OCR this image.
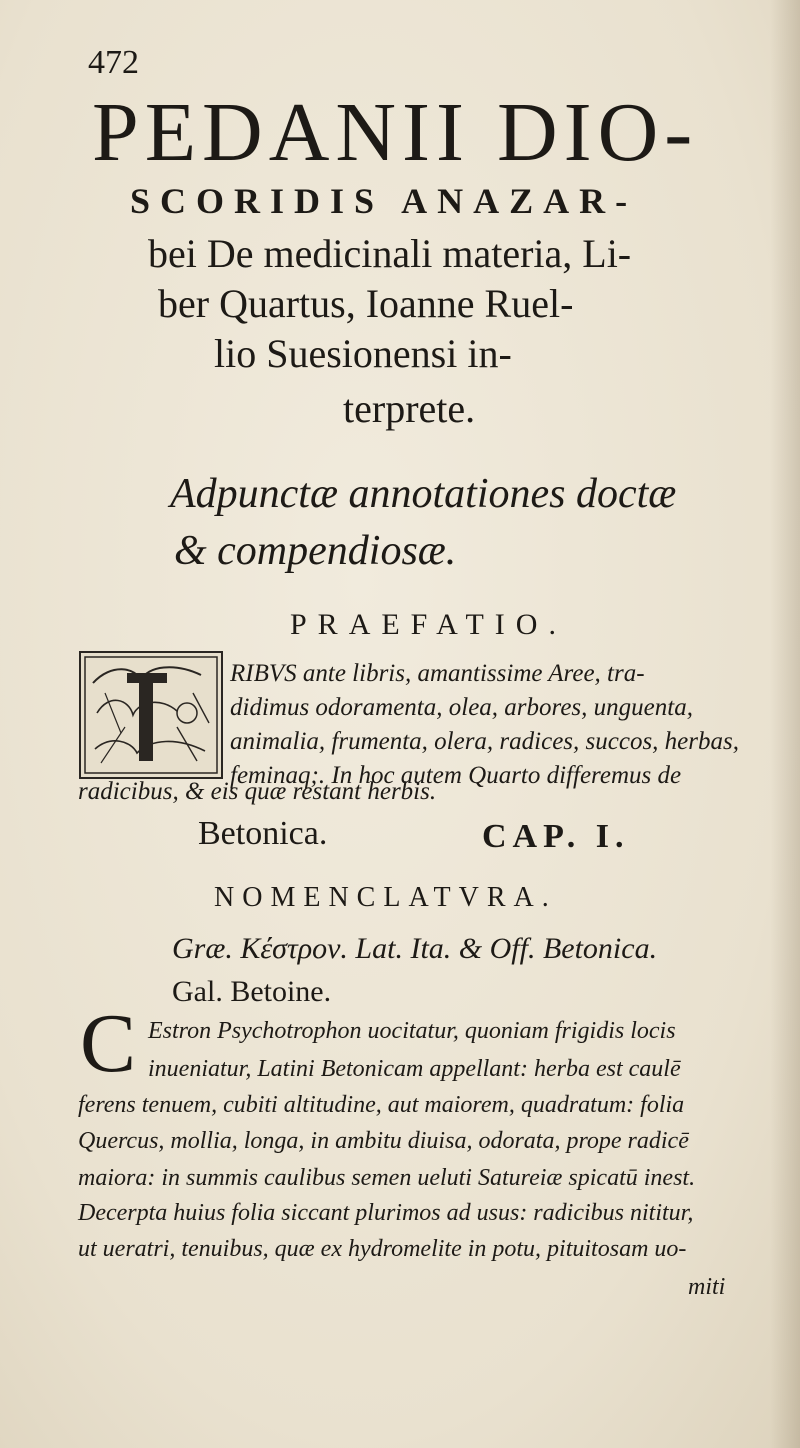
472
PEDANII DIO-
SCORIDIS ANAZAR-
bei De medicinali materia, Li-
ber Quartus, Ioanne Ruel-
lio Suesionensi in-
terprete.
Adpunctæ annotationes doctæ
& compendiosæ.
PRAEFATIO.
RIBVS ante libris, amantissime Aree, tra-
didimus odoramenta, olea, arbores, unguenta,
animalia, frumenta, olera, radices, succos, herbas,
feminaq;. In hoc autem Quarto differemus de
radicibus, & eis quæ restant herbis.
Betonica.	CAP. I.
NOMENCLATVRA.
Græ. Κέστρον. Lat. Ita. & Off. Betonica.
Gal. Betoine.
C Estron Psychotrophon uocitatur, quoniam frigidis locis
inueniatur, Latini Betonicam appellant: herba est caulē
ferens tenuem, cubiti altitudine, aut maiorem, quadratum: folia
Quercus, mollia, longa, in ambitu diuisa, odorata, prope radicē
maiora: in summis caulibus semen ueluti Satureiæ spicatū inest.
Decerpta huius folia siccant plurimos ad usus: radicibus nititur,
ut ueratri, tenuibus, quæ ex hydromelite in potu, pituitosam uo-
miti
